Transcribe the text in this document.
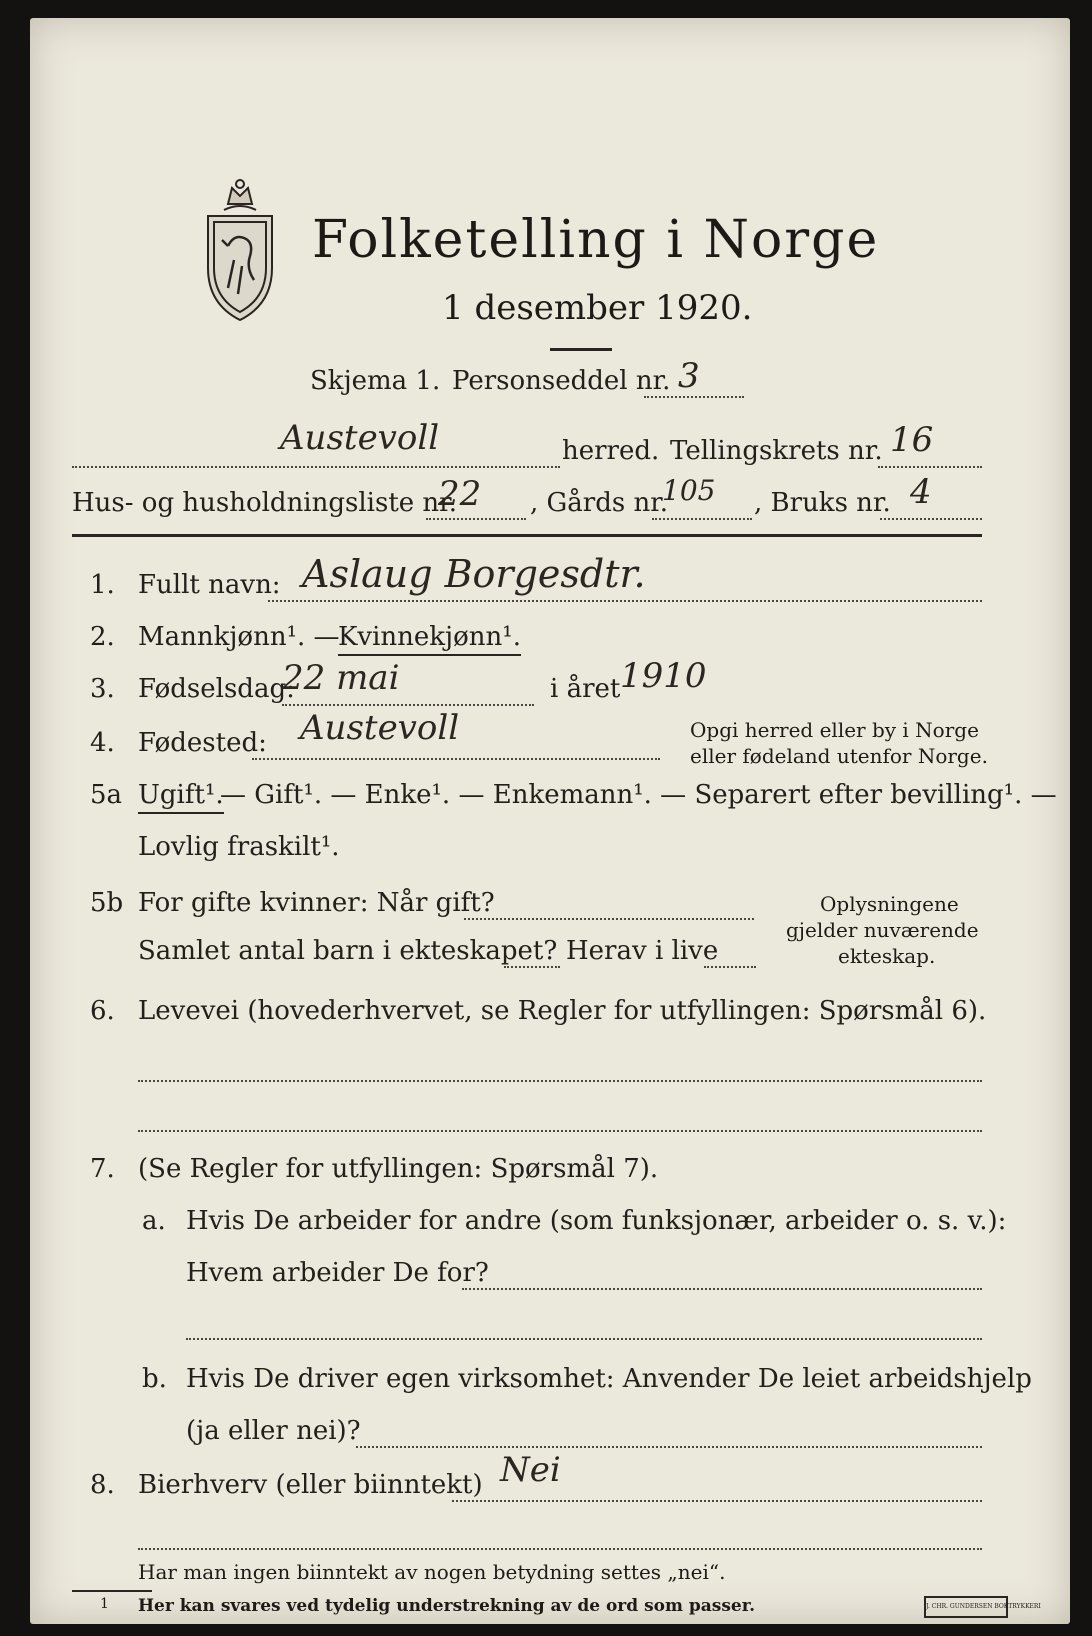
Folketelling i Norge
1 desember 1920.
Skjema 1. Personseddel nr. 3
Austevoll	herred. Tellingskrets nr. 16
Hus- og husholdningsliste nr.
22 , Gårds nr.
105 , Bruks nr. 4
1. Fullt navn: Aslaug Borgesdtr.
2. Mannkjønn¹. —
Kvinnekjønn¹.
3. Fødselsdag:
22 mai	i året 1910
4. Fødested: Austevoll	Opgi herred eller by i Norge
eller fødeland utenfor Norge.
5a Ugift¹.
— Gift¹. — Enke¹. — Enkemann¹. — Separert efter bevilling¹. —
Lovlig fraskilt¹.
5b For gifte kvinner: Når gift?
Samlet antal barn i ekteskapet? Herav i live
Oplysningene
gjelder nuværende
ekteskap.
6. Levevei (hovederhvervet, se Regler for utfyllingen: Spørsmål 6).
7. (Se Regler for utfyllingen: Spørsmål 7).
a. Hvis De arbeider for andre (som funksjonær, arbeider o. s. v.):
Hvem arbeider De for?
b. Hvis De driver egen virksomhet: Anvender De leiet arbeidshjelp
(ja eller nei)?
8. Bierhverv (eller biinntekt) Nei
Har man ingen biinntekt av nogen betydning settes „nei“.
1 Her kan svares ved tydelig understrekning av de ord som passer.	J. CHR. GUNDERSEN BOKTRYKKERI
